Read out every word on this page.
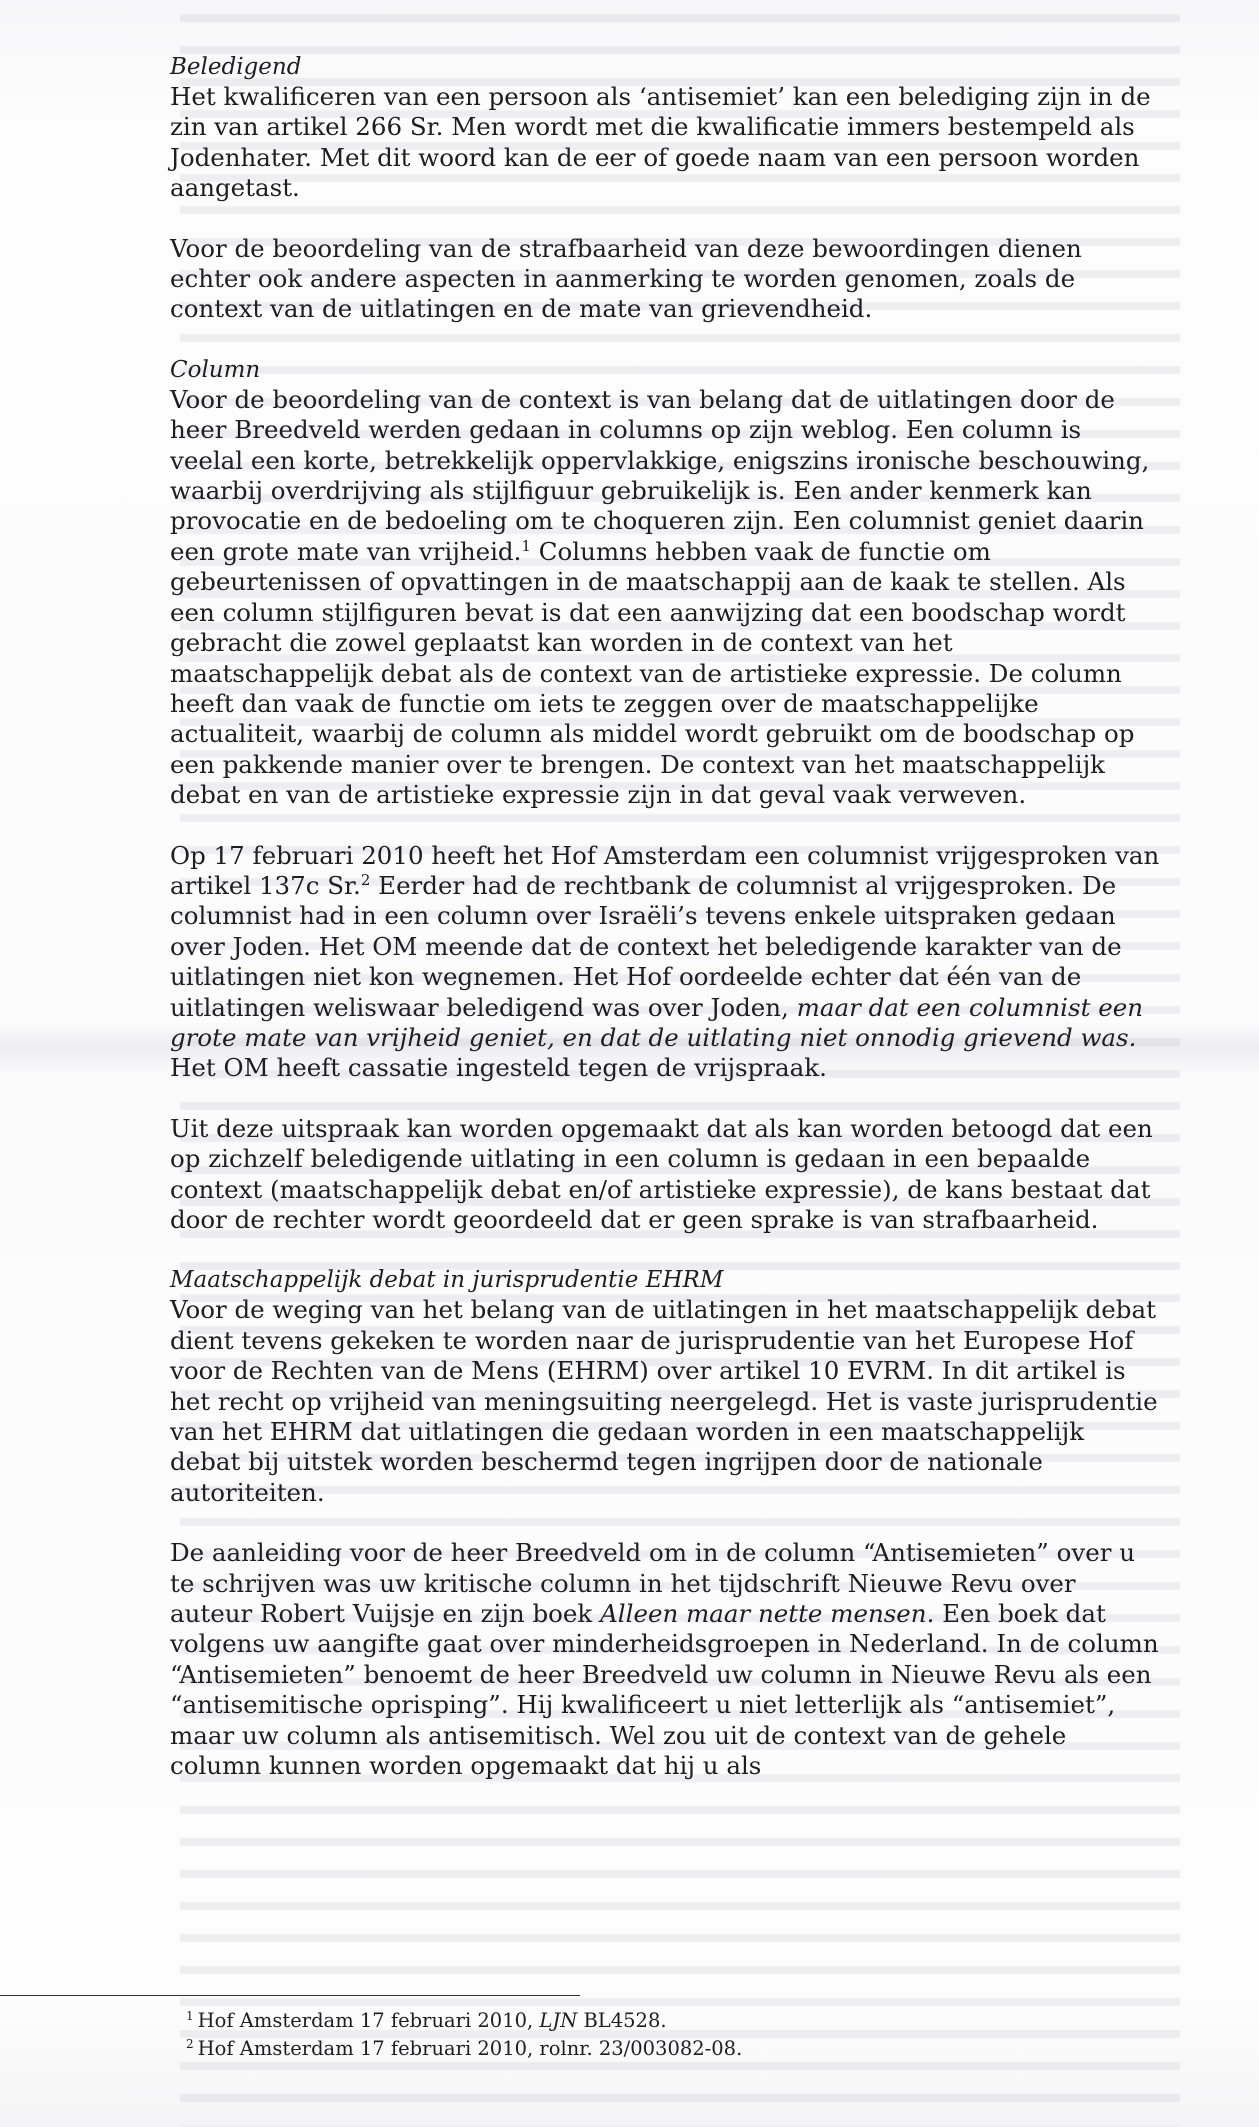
Beledigend

Het kwalificeren van een persoon als ‘antisemiet’ kan een belediging zijn in de zin van artikel 266 Sr. Men wordt met die kwalificatie immers bestempeld als Jodenhater. Met dit woord kan de eer of goede naam van een persoon worden aangetast.

Voor de beoordeling van de strafbaarheid van deze bewoordingen dienen echter ook andere aspecten in aanmerking te worden genomen, zoals de context van de uitlatingen en de mate van grievendheid.

Column

Voor de beoordeling van de context is van belang dat de uitlatingen door de heer Breedveld werden gedaan in columns op zijn weblog. Een column is veelal een korte, betrekkelijk oppervlakkige, enigszins ironische beschouwing, waarbij overdrijving als stijlfiguur gebruikelijk is. Een ander kenmerk kan provocatie en de bedoeling om te choqueren zijn. Een columnist geniet daarin een grote mate van vrijheid.$^1$ Columns hebben vaak de functie om gebeurtenissen of opvattingen in de maatschappij aan de kaak te stellen. Als een column stijlfiguren bevat is dat een aanwijzing dat een boodschap wordt gebracht die zowel geplaatst kan worden in de context van het maatschappelijk debat als de context van de artistieke expressie. De column heeft dan vaak de functie om iets te zeggen over de maatschappelijke actualiteit, waarbij de column als middel wordt gebruikt om de boodschap op een pakkende manier over te brengen. De context van het maatschappelijk debat en van de artistieke expressie zijn in dat geval vaak verweven.

Op 17 februari 2010 heeft het Hof Amsterdam een columnist vrijgesproken van artikel 137c Sr.$^2$ Eerder had de rechtbank de columnist al vrijgesproken. De columnist had in een column over Israëli’s tevens enkele uitspraken gedaan over Joden. Het OM meende dat de context het beledigende karakter van de uitlatingen niet kon wegnemen. Het Hof oordeelde echter dat één van de uitlatingen weliswaar beledigend was over Joden, maar dat een columnist een grote mate van vrijheid geniet, en dat de uitlating niet onnodig grievend was. Het OM heeft cassatie ingesteld tegen de vrijspraak.

Uit deze uitspraak kan worden opgemaakt dat als kan worden betoogd dat een op zichzelf beledigende uitlating in een column is gedaan in een bepaalde context (maatschappelijk debat en/of artistieke expressie), de kans bestaat dat door de rechter wordt geoordeeld dat er geen sprake is van strafbaarheid.

Maatschappelijk debat in jurisprudentie EHRM

Voor de weging van het belang van de uitlatingen in het maatschappelijk debat dient tevens gekeken te worden naar de jurisprudentie van het Europese Hof voor de Rechten van de Mens (EHRM) over artikel 10 EVRM. In dit artikel is het recht op vrijheid van meningsuiting neergelegd. Het is vaste jurisprudentie van het EHRM dat uitlatingen die gedaan worden in een maatschappelijk debat bij uitstek worden beschermd tegen ingrijpen door de nationale autoriteiten.

De aanleiding voor de heer Breedveld om in de column “Antisemieten” over u te schrijven was uw kritische column in het tijdschrift Nieuwe Revu over auteur Robert Vuijsje en zijn boek Alleen maar nette mensen. Een boek dat volgens uw aangifte gaat over minderheidsgroepen in Nederland. In de column “Antisemieten” benoemt de heer Breedveld uw column in Nieuwe Revu als een “antisemitische oprisping”. Hij kwalificeert u niet letterlijk als “antisemiet”, maar uw column als antisemitisch. Wel zou uit de context van de gehele column kunnen worden opgemaakt dat hij u als

$^1$ Hof Amsterdam 17 februari 2010, LJN BL4528.
$^2$ Hof Amsterdam 17 februari 2010, rolnr. 23/003082-08.
